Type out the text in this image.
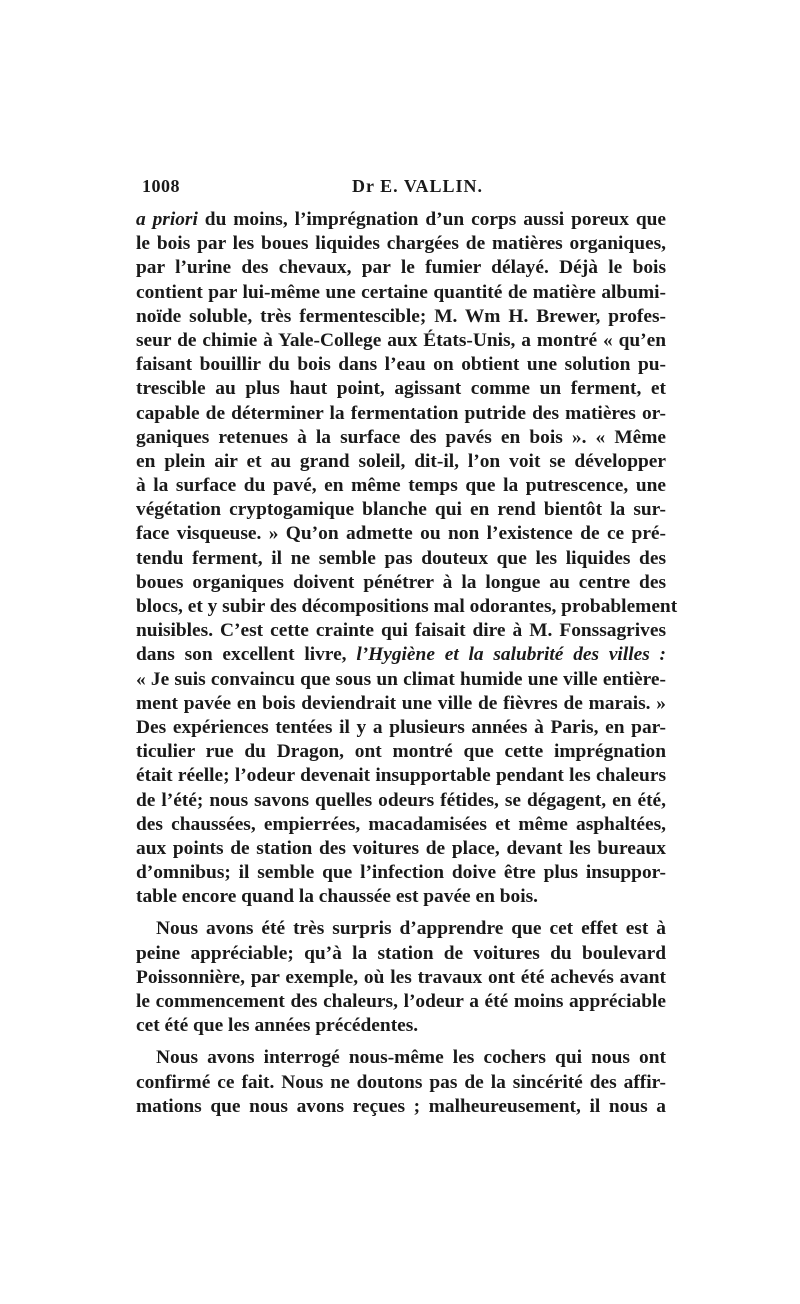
1008	Dr E. VALLIN.
a priori du moins, l’imprégnation d’un corps aussi poreux que
le bois par les boues liquides chargées de matières organiques,
par l’urine des chevaux, par le fumier délayé. Déjà le bois
contient par lui-même une certaine quantité de matière albumi-
noïde soluble, très fermentescible; M. Wm H. Brewer, profes-
seur de chimie à Yale-College aux États-Unis, a montré « qu’en
faisant bouillir du bois dans l’eau on obtient une solution pu-
trescible au plus haut point, agissant comme un ferment, et
capable de déterminer la fermentation putride des matières or-
ganiques retenues à la surface des pavés en bois ». « Même
en plein air et au grand soleil, dit-il, l’on voit se développer
à la surface du pavé, en même temps que la putrescence, une
végétation cryptogamique blanche qui en rend bientôt la sur-
face visqueuse. » Qu’on admette ou non l’existence de ce pré-
tendu ferment, il ne semble pas douteux que les liquides des
boues organiques doivent pénétrer à la longue au centre des
blocs, et y subir des décompositions mal odorantes, probablement
nuisibles. C’est cette crainte qui faisait dire à M. Fonssagrives
dans son excellent livre, l’Hygiène et la salubrité des villes :
« Je suis convaincu que sous un climat humide une ville entière-
ment pavée en bois deviendrait une ville de fièvres de marais. »
Des expériences tentées il y a plusieurs années à Paris, en par-
ticulier rue du Dragon, ont montré que cette imprégnation
était réelle; l’odeur devenait insupportable pendant les chaleurs
de l’été; nous savons quelles odeurs fétides, se dégagent, en été,
des chaussées, empierrées, macadamisées et même asphaltées,
aux points de station des voitures de place, devant les bureaux
d’omnibus; il semble que l’infection doive être plus insuppor-
table encore quand la chaussée est pavée en bois.
Nous avons été très surpris d’apprendre que cet effet est à
peine appréciable; qu’à la station de voitures du boulevard
Poissonnière, par exemple, où les travaux ont été achevés avant
le commencement des chaleurs, l’odeur a été moins appréciable
cet été que les années précédentes.
Nous avons interrogé nous-même les cochers qui nous ont
confirmé ce fait. Nous ne doutons pas de la sincérité des affir-
mations que nous avons reçues ; malheureusement, il nous a
